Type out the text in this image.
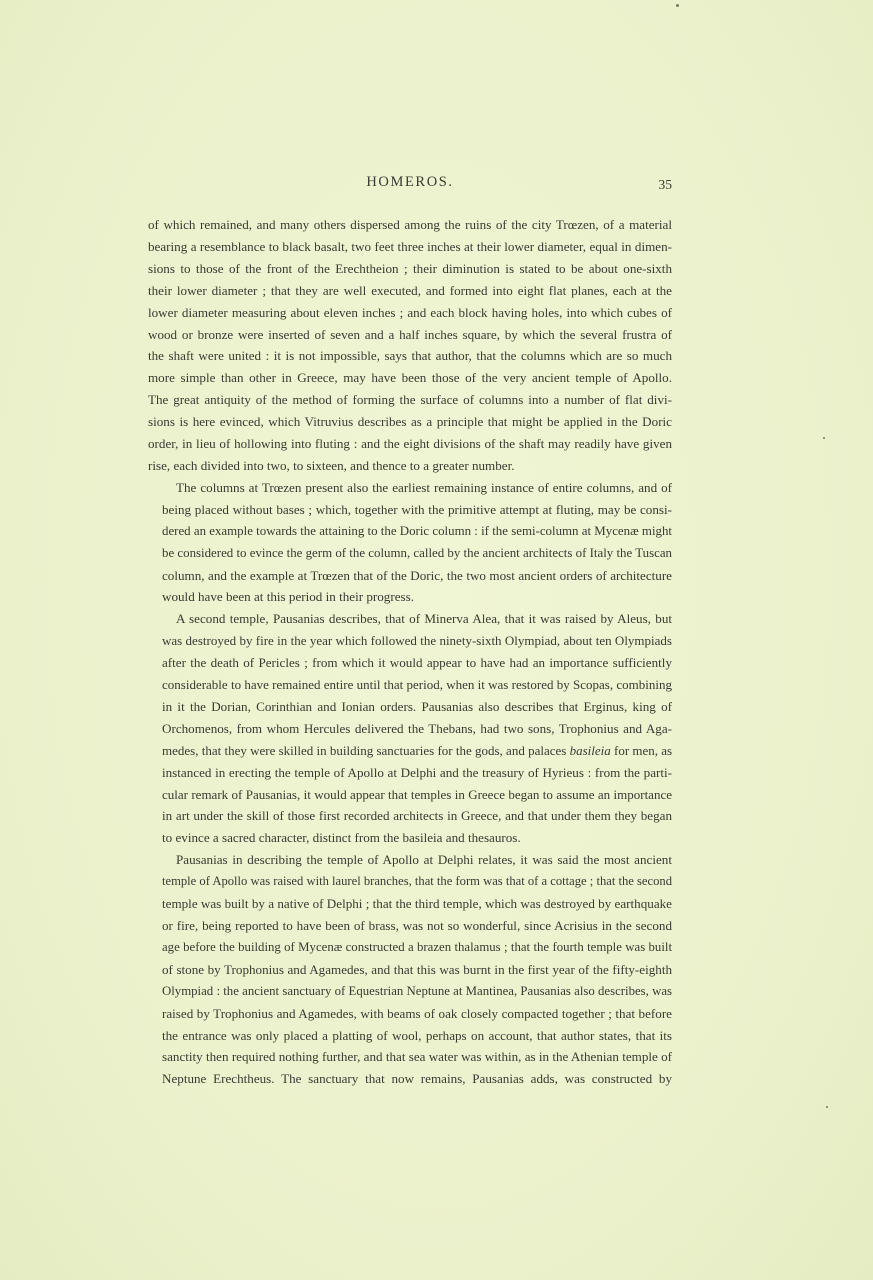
HOMEROS.	35
of which remained, and many others dispersed among the ruins of the city Trœzen, of a material
bearing a resemblance to black basalt, two feet three inches at their lower diameter, equal in dimen-
sions to those of the front of the Erechtheion ; their diminution is stated to be about one-sixth
their lower diameter ; that they are well executed, and formed into eight flat planes, each at the
lower diameter measuring about eleven inches ; and each block having holes, into which cubes of
wood or bronze were inserted of seven and a half inches square, by which the several frustra of
the shaft were united : it is not impossible, says that author, that the columns which are so much
more simple than other in Greece, may have been those of the very ancient temple of Apollo.
The great antiquity of the method of forming the surface of columns into a number of flat divi-
sions is here evinced, which Vitruvius describes as a principle that might be applied in the Doric
order, in lieu of hollowing into fluting : and the eight divisions of the shaft may readily have given
rise, each divided into two, to sixteen, and thence to a greater number.
The columns at Trœzen present also the earliest remaining instance of entire columns, and of
being placed without bases ; which, together with the primitive attempt at fluting, may be consi-
dered an example towards the attaining to the Doric column : if the semi-column at Mycenæ might
be considered to evince the germ of the column, called by the ancient architects of Italy the Tuscan
column, and the example at Trœzen that of the Doric, the two most ancient orders of architecture
would have been at this period in their progress.
A second temple, Pausanias describes, that of Minerva Alea, that it was raised by Aleus, but
was destroyed by fire in the year which followed the ninety-sixth Olympiad, about ten Olympiads
after the death of Pericles ; from which it would appear to have had an importance sufficiently
considerable to have remained entire until that period, when it was restored by Scopas, combining
in it the Dorian, Corinthian and Ionian orders. Pausanias also describes that Erginus, king of
Orchomenos, from whom Hercules delivered the Thebans, had two sons, Trophonius and Aga-
medes, that they were skilled in building sanctuaries for the gods, and palaces basileia for men, as
instanced in erecting the temple of Apollo at Delphi and the treasury of Hyrieus : from the parti-
cular remark of Pausanias, it would appear that temples in Greece began to assume an importance
in art under the skill of those first recorded architects in Greece, and that under them they began
to evince a sacred character, distinct from the basileia and thesauros.
Pausanias in describing the temple of Apollo at Delphi relates, it was said the most ancient
temple of Apollo was raised with laurel branches, that the form was that of a cottage ; that the second
temple was built by a native of Delphi ; that the third temple, which was destroyed by earthquake
or fire, being reported to have been of brass, was not so wonderful, since Acrisius in the second
age before the building of Mycenæ constructed a brazen thalamus ; that the fourth temple was built
of stone by Trophonius and Agamedes, and that this was burnt in the first year of the fifty-eighth
Olympiad : the ancient sanctuary of Equestrian Neptune at Mantinea, Pausanias also describes, was
raised by Trophonius and Agamedes, with beams of oak closely compacted together ; that before
the entrance was only placed a platting of wool, perhaps on account, that author states, that its
sanctity then required nothing further, and that sea water was within, as in the Athenian temple of
Neptune Erechtheus. The sanctuary that now remains, Pausanias adds, was constructed by
